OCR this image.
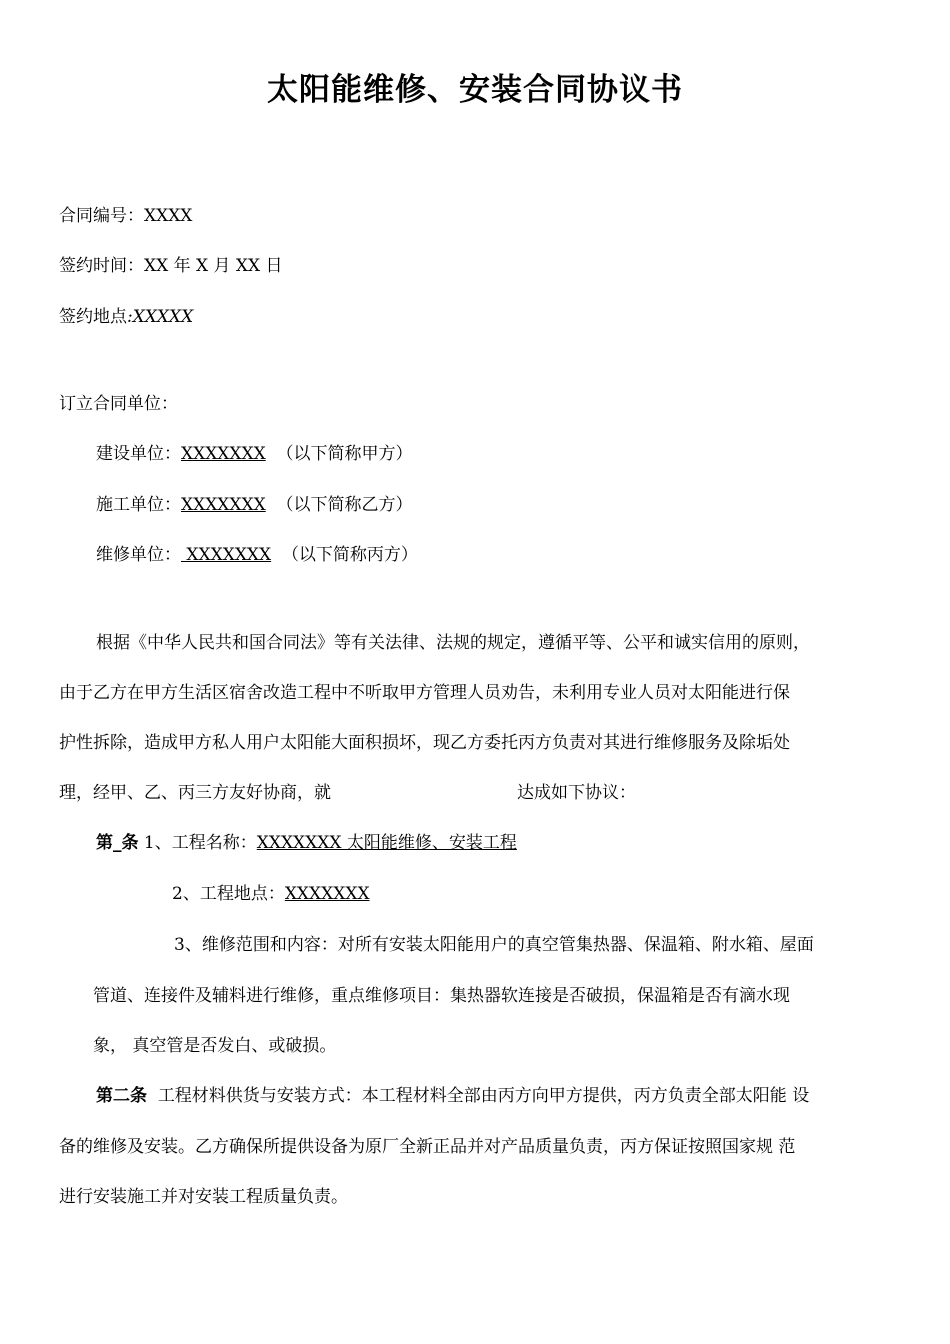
太阳能维修、安装合同协议书
合同编号：XXXX
签约时间：XX 年 X 月 XX 日
签约地点:XXXXX
订立合同单位：
建设单位：XXXXXXX （以下简称甲方）
施工单位：XXXXXXX （以下简称乙方）
维修单位： XXXXXXX （以下简称丙方）
根据《中华人民共和国合同法》等有关法律、法规的规定，遵循平等、公平和诚实信用的原则，
由于乙方在甲方生活区宿舍改造工程中不听取甲方管理人员劝告，未利用专业人员对太阳能进行保
护性拆除，造成甲方私人用户太阳能大面积损坏，现乙方委托丙方负责对其进行维修服务及除垢处
理，经甲、乙、丙三方友好协商，就	达成如下协议：
第_条 1、工程名称：XXXXXXX 太阳能维修、安装工程
2、工程地点：XXXXXXX
3、维修范围和内容：对所有安装太阳能用户的真空管集热器、保温箱、附水箱、屋面
管道、连接件及辅料进行维修，重点维修项目：集热器软连接是否破损，保温箱是否有滴水现
象， 真空管是否发白、或破损。
第二条 工程材料供货与安装方式：本工程材料全部由丙方向甲方提供，丙方负责全部太阳能 设
备的维修及安装。乙方确保所提供设备为原厂全新正品并对产品质量负责，丙方保证按照国家规 范
进行安装施工并对安装工程质量负责。
